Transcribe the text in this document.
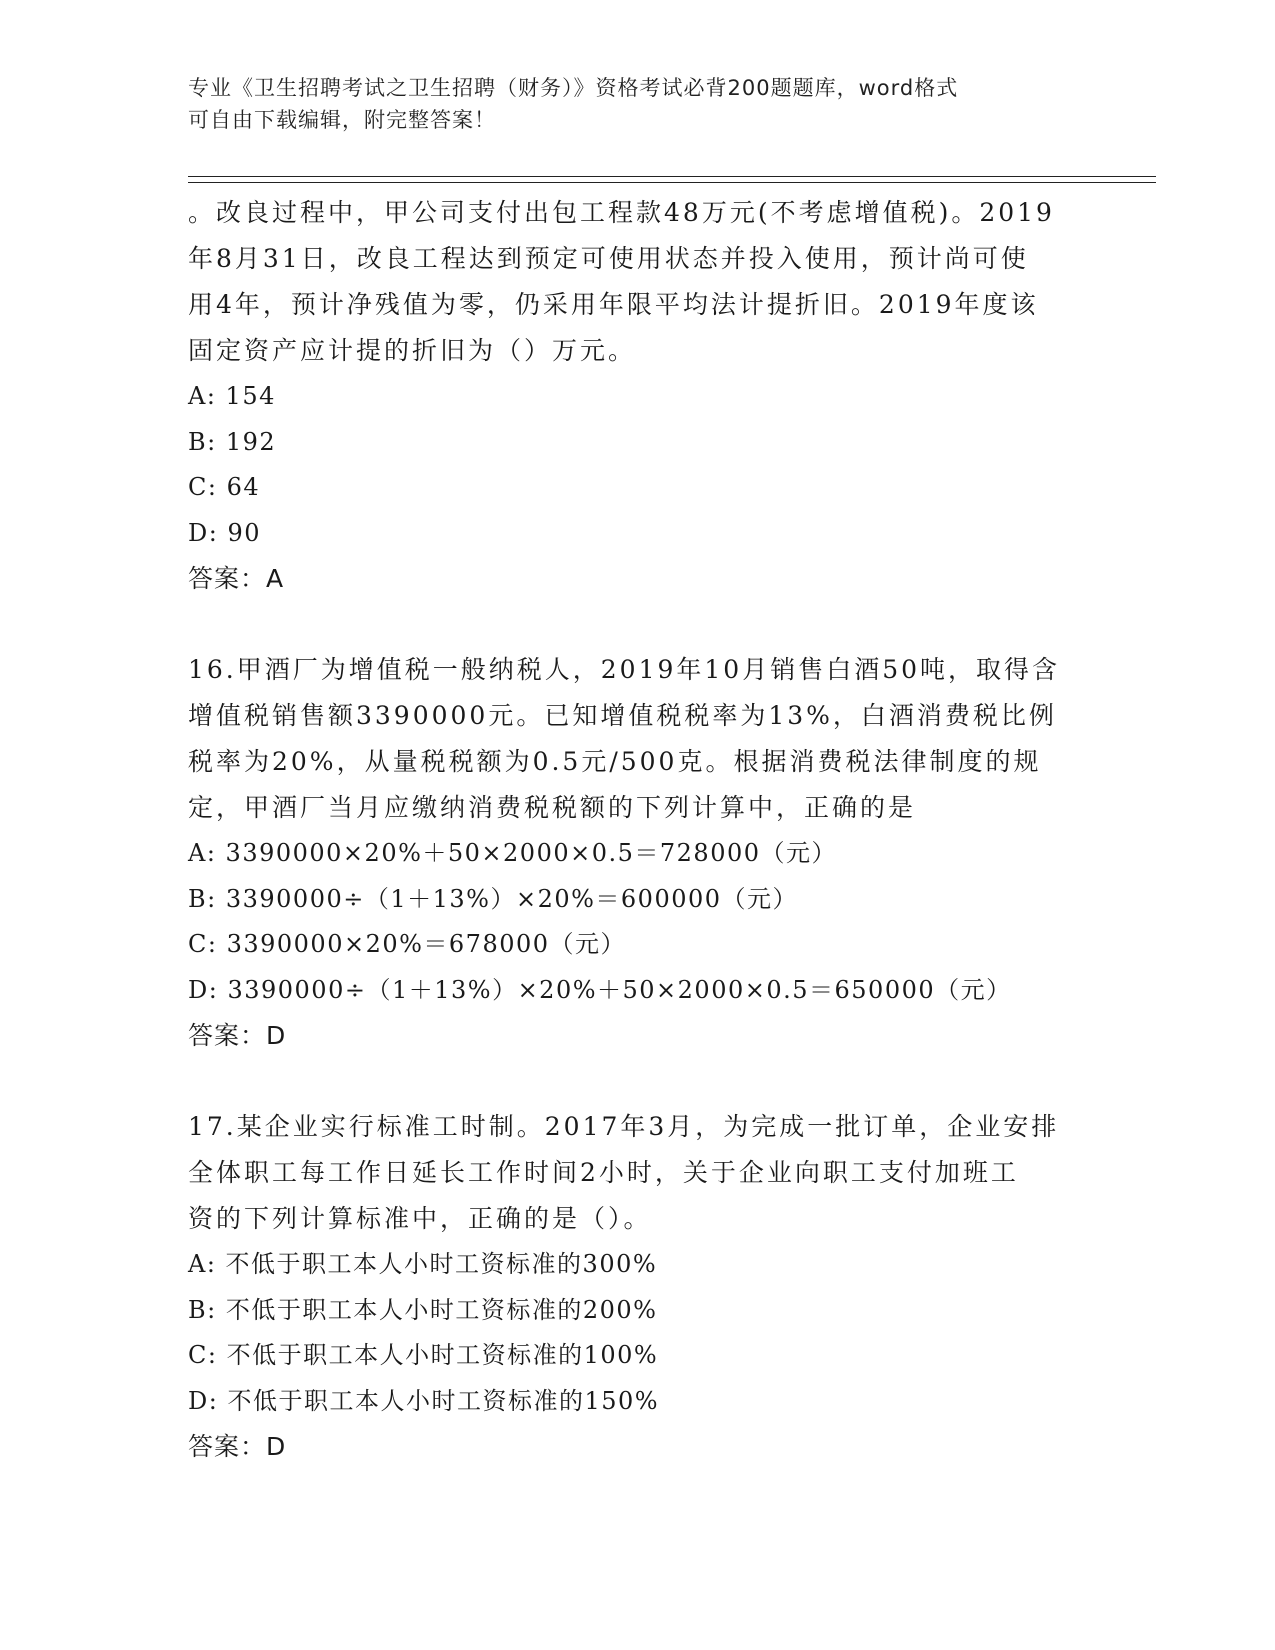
专业《卫生招聘考试之卫生招聘（财务）》资格考试必背200题题库，word格式
可自由下载编辑，附完整答案！

。改良过程中，甲公司支付出包工程款48万元(不考虑增值税)。2019

年8月31日，改良工程达到预定可使用状态并投入使用，预计尚可使

用4年，预计净残值为零，仍采用年限平均法计提折旧。2019年度该

固定资产应计提的折旧为（）万元。

A: 154

B: 192

C: 64

D: 90

答案：A

16.甲酒厂为增值税一般纳税人，2019年10月销售白酒50吨，取得含

增值税销售额3390000元。已知增值税税率为13%，白酒消费税比例

税率为20%，从量税税额为0.5元/500克。根据消费税法律制度的规

定，甲酒厂当月应缴纳消费税税额的下列计算中，正确的是

A: 3390000×20%＋50×2000×0.5＝728000（元）

B: 3390000÷（1＋13%）×20%＝600000（元）

C: 3390000×20%＝678000（元）

D: 3390000÷（1＋13%）×20%＋50×2000×0.5＝650000（元）

答案：D

17.某企业实行标准工时制。2017年3月，为完成一批订单，企业安排

全体职工每工作日延长工作时间2小时，关于企业向职工支付加班工

资的下列计算标准中，正确的是（）。

A: 不低于职工本人小时工资标准的300%

B: 不低于职工本人小时工资标准的200%

C: 不低于职工本人小时工资标准的100%

D: 不低于职工本人小时工资标准的150%

答案：D
